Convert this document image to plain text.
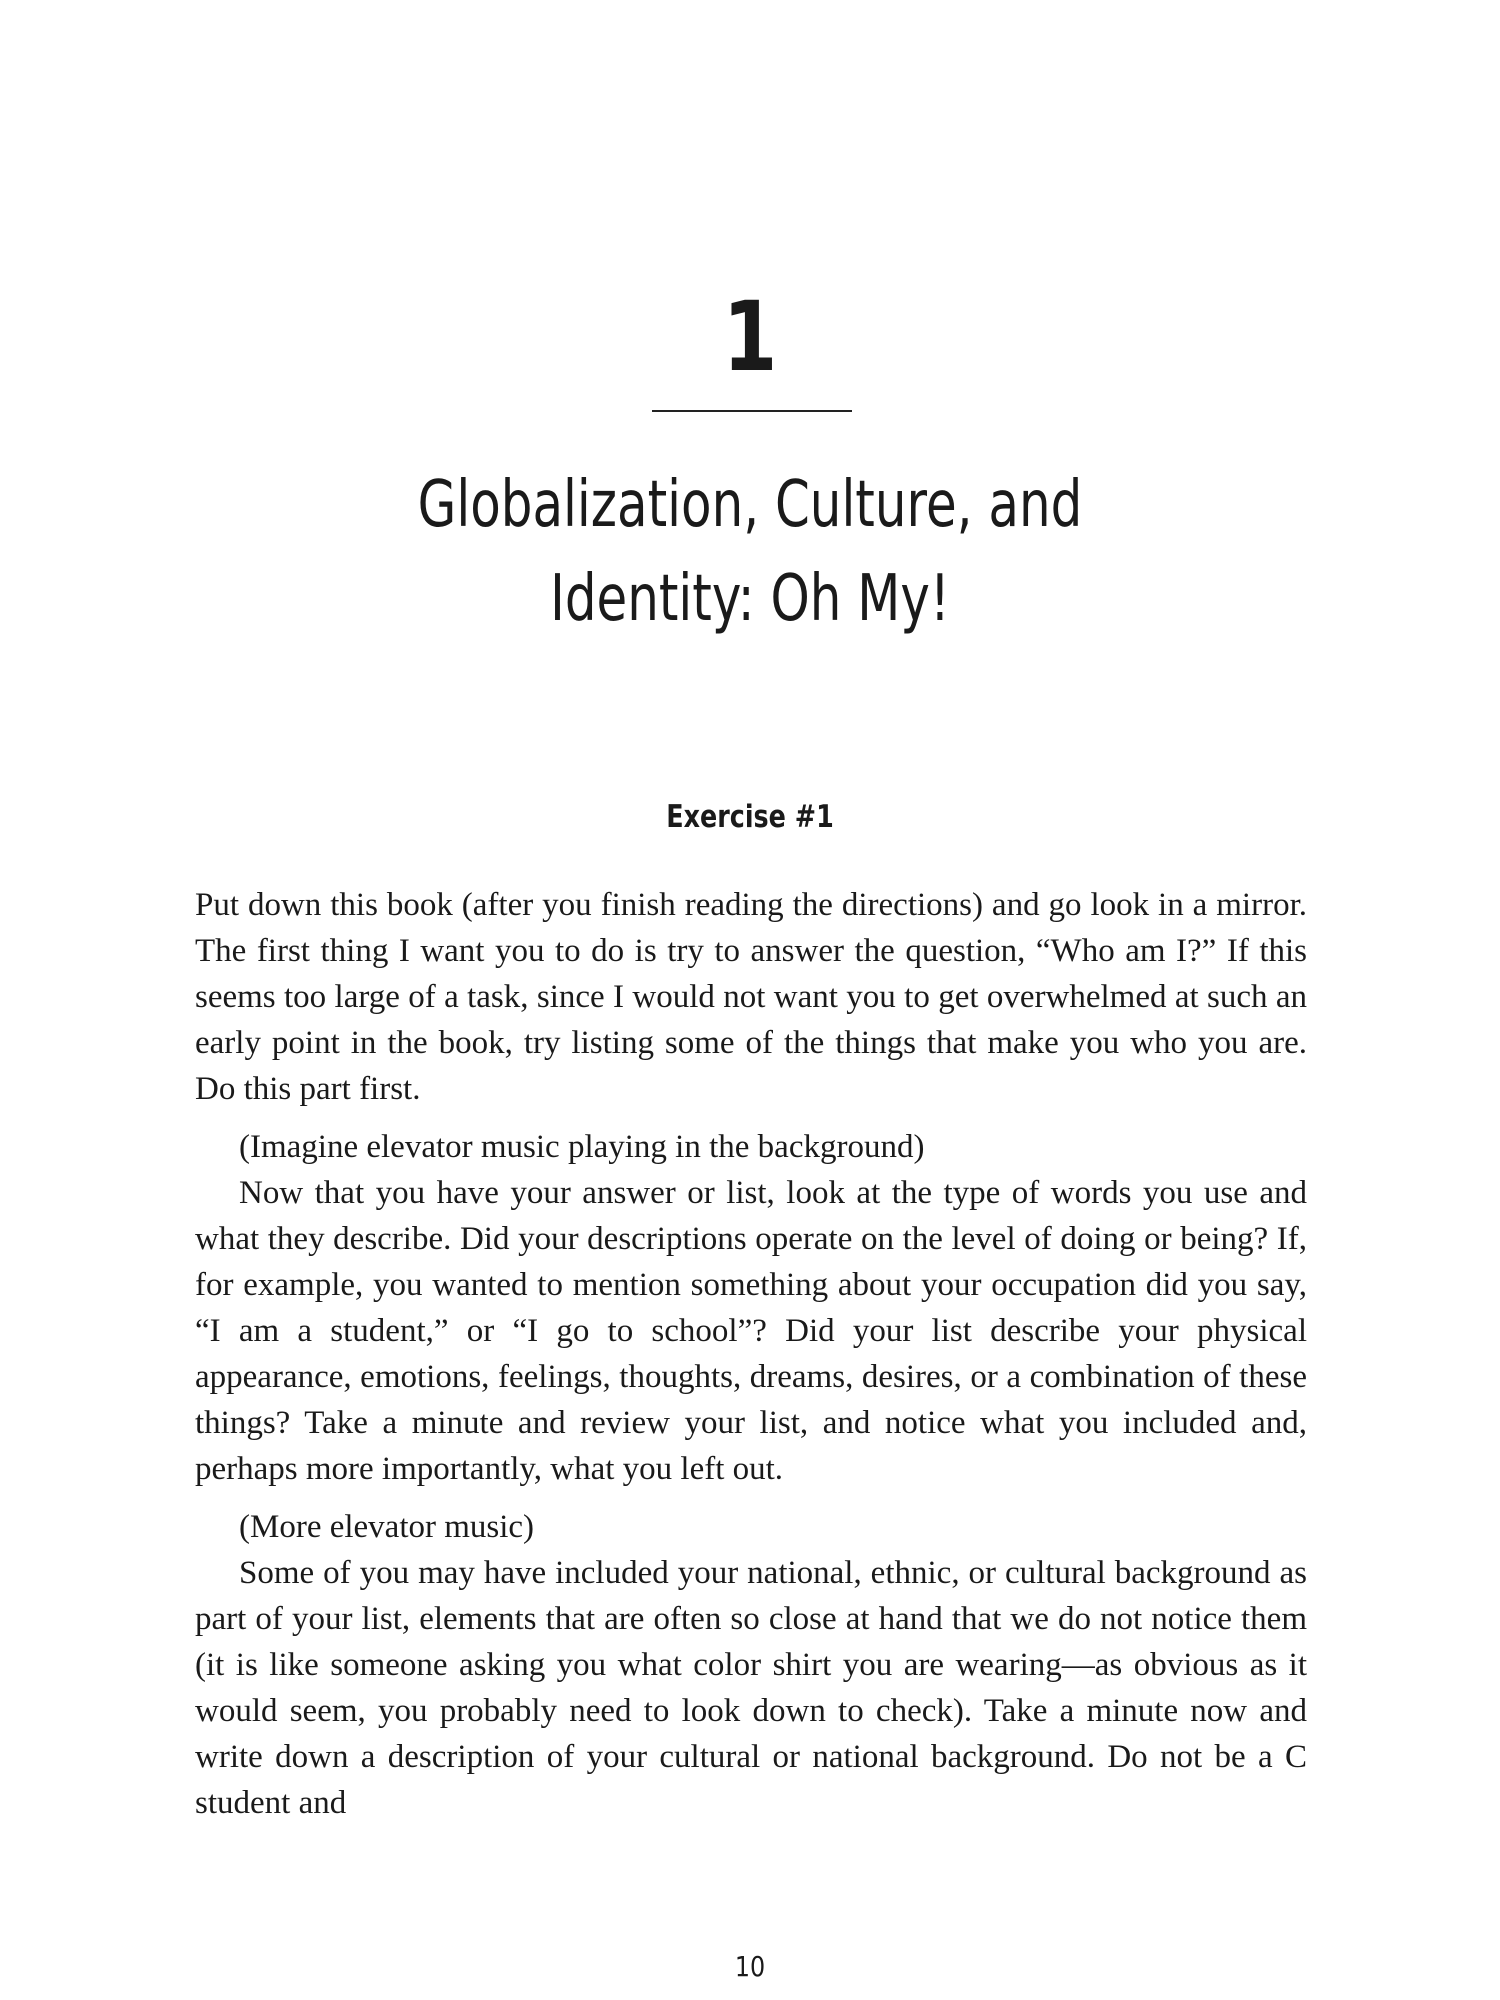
1
Globalization, Culture, and
Identity: Oh My!
Exercise #1

Put down this book (after you finish reading the directions) and go look in a mirror. The first thing I want you to do is try to answer the question, “Who am I?” If this seems too large of a task, since I would not want you to get overwhelmed at such an early point in the book, try listing some of the things that make you who you are. Do this part first.

(Imagine elevator music playing in the background)

Now that you have your answer or list, look at the type of words you use and what they describe. Did your descriptions operate on the level of doing or being? If, for example, you wanted to mention something about your occupation did you say, “I am a student,” or “I go to school”? Did your list describe your physical appearance, emotions, feelings, thoughts, dreams, desires, or a combination of these things? Take a minute and review your list, and notice what you included and, perhaps more importantly, what you left out.

(More elevator music)

Some of you may have included your national, ethnic, or cultural background as part of your list, elements that are often so close at hand that we do not notice them (it is like someone asking you what color shirt you are wearing—as obvious as it would seem, you probably need to look down to check). Take a minute now and write down a description of your cultural or national background. Do not be a C student and

10
